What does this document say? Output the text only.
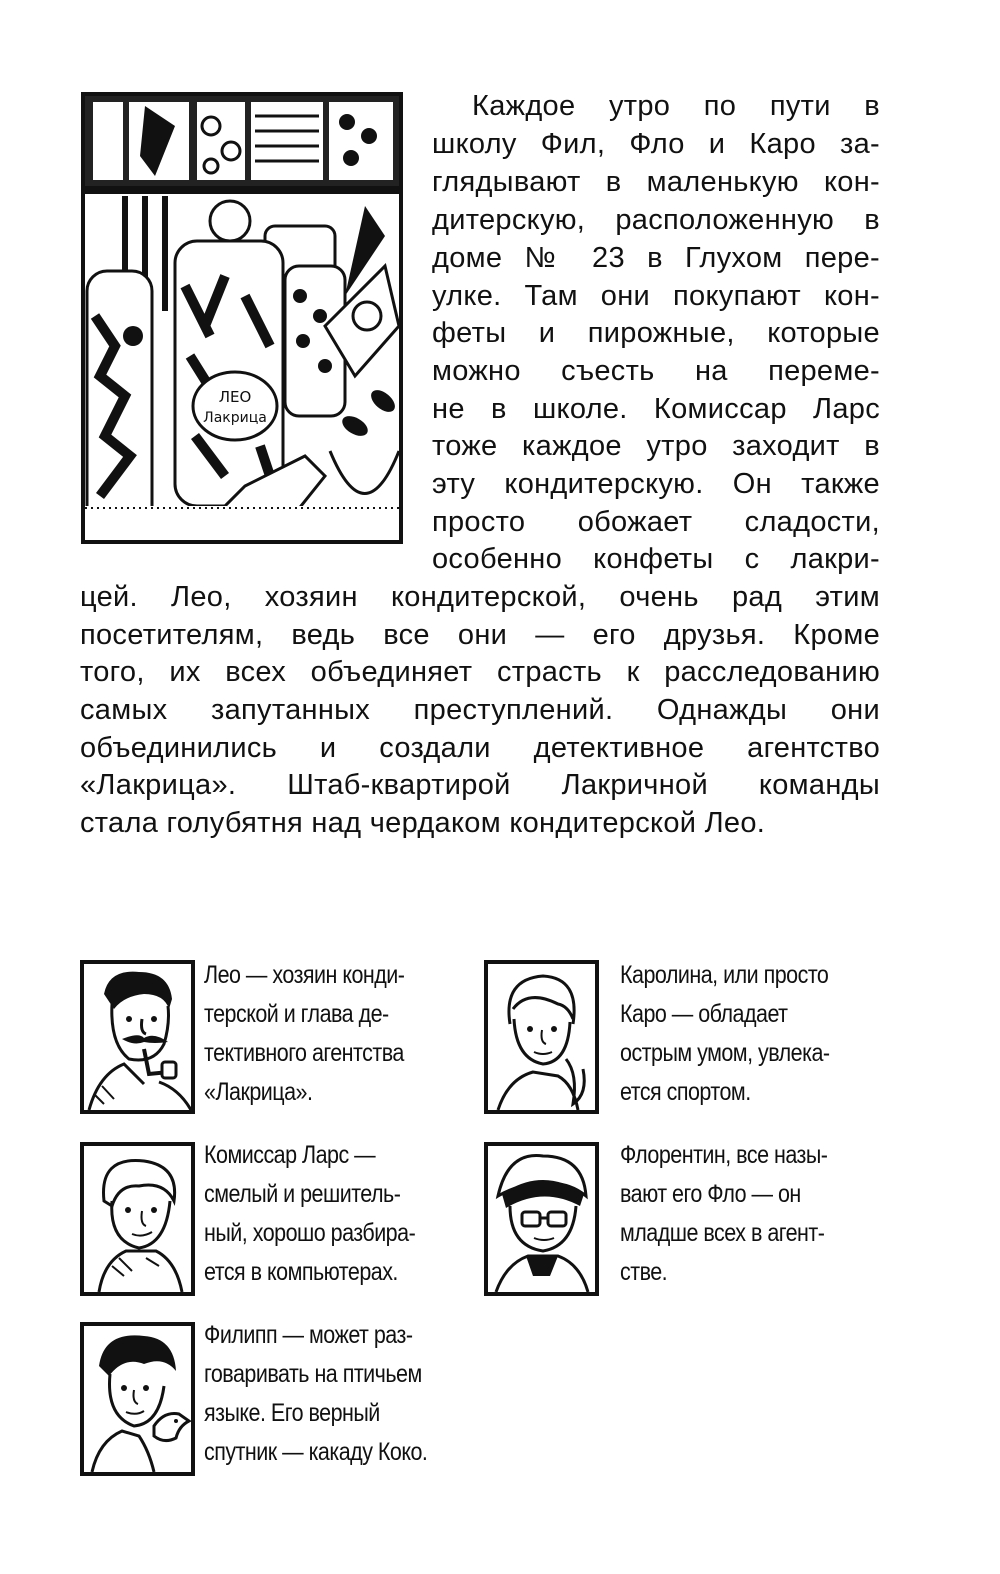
ЛЕО
Лакрица
Каждое утро по пути в
школу Фил, Фло и Каро за-
глядывают в маленькую кон-
дитерскую, расположенную в
доме № 23 в Глухом пере-
улке. Там они покупают кон-
феты и пирожные, которые
можно съесть на переме-
не в школе. Комиссар Ларс
тоже каждое утро заходит в
эту кондитерскую. Он также
просто обожает сладости,
особенно конфеты с лакри-
цей. Лео, хозяин кондитерской, очень рад этим
посетителям, ведь все они — его друзья. Кроме
того, их всех объединяет страсть к расследованию
самых запутанных преступлений. Однажды они
объединились и создали детективное агентство
«Лакрица». Штаб-квартирой Лакричной команды
стала голубятня над чердаком кондитерской Лео.
Лео — хозяин конди-
терской и глава де-
тективного агентства
«Лакрица».
Каролина, или просто
Каро — обладает
острым умом, увлека-
ется спортом.
Комиссар Ларс —
смелый и решитель-
ный, хорошо разбира-
ется в компьютерах.
Флорентин, все назы-
вают его Фло — он
младше всех в агент-
стве.
Филипп — может раз-
говаривать на птичьем
языке. Его верный
спутник — какаду Коко.
